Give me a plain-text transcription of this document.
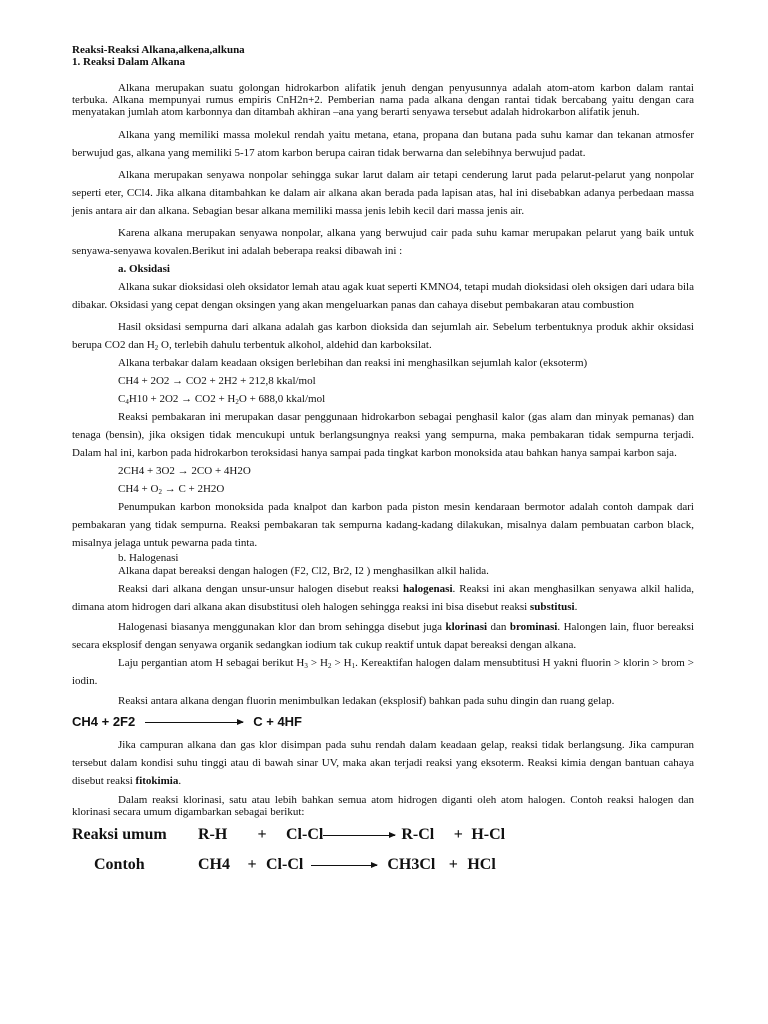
Reaksi-Reaksi Alkana,alkena,alkuna

1. Reaksi Dalam Alkana

Alkana merupakan suatu golongan hidrokarbon alifatik jenuh dengan penyusunnya adalah atom-atom karbon dalam rantai terbuka. Alkana mempunyai rumus empiris CnH2n+2. Pemberian nama pada alkana dengan rantai tidak bercabang yaitu dengan cara menyatakan jumlah atom karbonnya dan ditambah akhiran –ana yang berarti senyawa tersebut adalah hidrokarbon alifatik jenuh.

Alkana yang memiliki massa molekul rendah yaitu metana, etana, propana dan butana pada suhu kamar dan tekanan atmosfer berwujud gas, alkana yang memiliki 5-17 atom karbon berupa cairan tidak berwarna dan selebihnya berwujud padat.

Alkana merupakan senyawa nonpolar sehingga sukar larut dalam air tetapi cenderung larut pada pelarut-pelarut yang nonpolar seperti eter, CCl4. Jika alkana ditambahkan ke dalam air alkana akan berada pada lapisan atas, hal ini disebabkan adanya perbedaan massa jenis antara air dan alkana. Sebagian besar alkana memiliki massa jenis lebih kecil dari massa jenis air.

Karena alkana merupakan senyawa nonpolar, alkana yang berwujud cair pada suhu kamar merupakan pelarut yang baik untuk senyawa-senyawa kovalen.Berikut ini adalah beberapa reaksi dibawah ini :

a. Oksidasi

Alkana sukar dioksidasi oleh oksidator lemah atau agak kuat seperti KMNO4, tetapi mudah dioksidasi oleh oksigen dari udara bila dibakar. Oksidasi yang cepat dengan oksingen yang akan mengeluarkan panas dan cahaya disebut pembakaran atau combustion

Hasil oksidasi sempurna dari alkana adalah gas karbon dioksida dan sejumlah air. Sebelum terbentuknya produk akhir oksidasi berupa CO2 dan $H_2$ O, terlebih dahulu terbentuk alkohol, aldehid dan karboksilat.

Alkana terbakar dalam keadaan oksigen berlebihan dan reaksi ini menghasilkan sejumlah kalor (eksoterm)

CH4 + 2O2 → CO2 + 2H2 + 212,8 kkal/mol

$C_4H10 + 2O2 \to CO2 + H_2O + 688,0$ kkal/mol

Reaksi pembakaran ini merupakan dasar penggunaan hidrokarbon sebagai penghasil kalor (gas alam dan minyak pemanas) dan tenaga (bensin), jika oksigen tidak mencukupi untuk berlangsungnya reaksi yang sempurna, maka pembakaran tidak sempurna terjadi. Dalam hal ini, karbon pada hidrokarbon teroksidasi hanya sampai pada tingkat karbon monoksida atau bahkan hanya sampai karbon saja.

2CH4 + 3O2 → 2CO + 4H2O

$CH4 + O_2 \to C + 2H2O$

Penumpukan karbon monoksida pada knalpot dan karbon pada piston mesin kendaraan bermotor adalah contoh dampak dari pembakaran yang tidak sempurna. Reaksi pembakaran tak sempurna kadang-kadang dilakukan, misalnya dalam pembuatan carbon black, misalnya jelaga untuk pewarna pada tinta.

b. Halogenasi

Alkana dapat bereaksi dengan halogen (F2, Cl2, Br2, I2 ) menghasilkan alkil halida.

Reaksi dari alkana dengan unsur-unsur halogen disebut reaksi halogenasi. Reaksi ini akan menghasilkan senyawa alkil halida, dimana atom hidrogen dari alkana akan disubstitusi oleh halogen sehingga reaksi ini bisa disebut reaksi substitusi.

Halogenasi biasanya menggunakan klor dan brom sehingga disebut juga klorinasi dan brominasi. Halongen lain, fluor bereaksi secara eksplosif dengan senyawa organik sedangkan iodium tak cukup reaktif untuk dapat bereaksi dengan alkana.

Laju pergantian atom H sebagai berikut $H_3 > H_2 > H_1$. Kereaktifan halogen dalam mensubtitusi H yakni fluorin > klorin > brom > iodin.

Reaksi antara alkana dengan fluorin menimbulkan ledakan (eksplosif) bahkan pada suhu dingin dan ruang gelap.

CH4 + 2F2	C + 4HF

Jika campuran alkana dan gas klor disimpan pada suhu rendah dalam keadaan gelap, reaksi tidak berlangsung. Jika campuran tersebut dalam kondisi suhu tinggi atau di bawah sinar UV, maka akan terjadi reaksi yang eksoterm. Reaksi kimia dengan bantuan cahaya disebut reaksi fitokimia.

Dalam reaksi klorinasi, satu atau lebih bahkan semua atom hidrogen diganti oleh atom halogen. Contoh reaksi halogen dan klorinasi secara umum digambarkan sebagai berikut:

Reaksi umum	R-H	+	Cl-Cl	R-Cl	+ H-Cl
Contoh	CH4	+ Cl-Cl	CH3Cl + HCl
